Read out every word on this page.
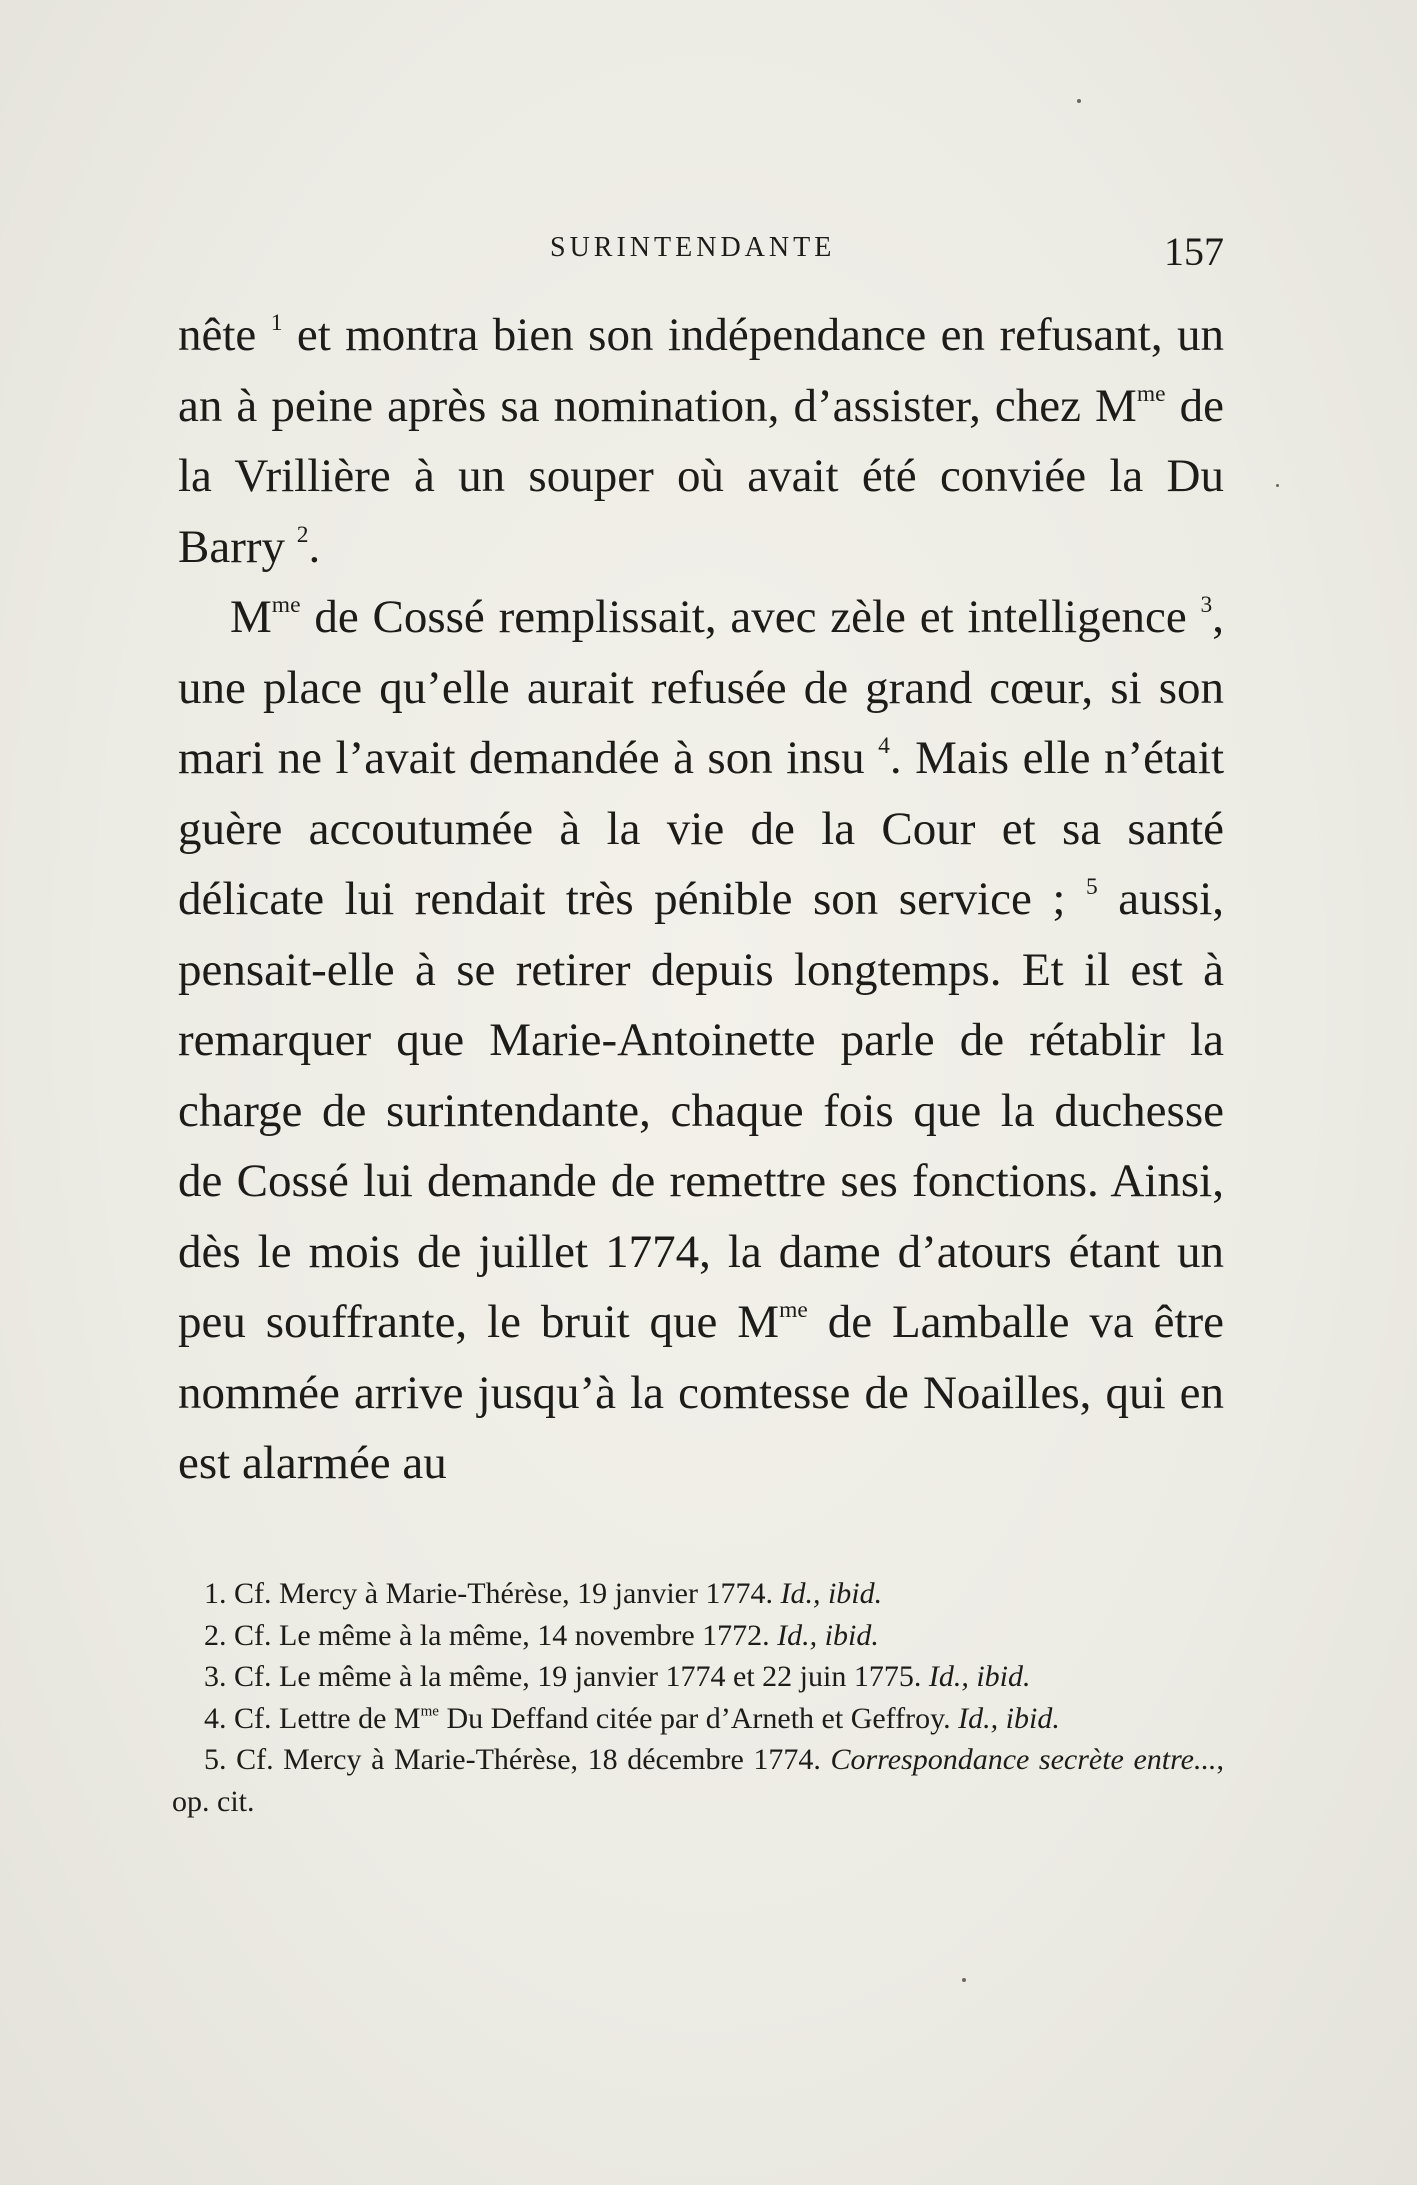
SURINTENDANTE	157

nête $^1$ et montra bien son indépendance en refusant, un an à peine après sa nomination, d’assister, chez $M^{me}$ de la Vrillière à un souper où avait été conviée la Du Barry $^2$.

$M^{me}$ de Cossé remplissait, avec zèle et intelligence $^3$, une place qu’elle aurait refusée de grand cœur, si son mari ne l’avait demandée à son insu $^4$. Mais elle n’était guère accoutumée à la vie de la Cour et sa santé délicate lui rendait très pénible son service ; $^5$ aussi, pensait-elle à se retirer depuis longtemps. Et il est à remarquer que Marie-Antoinette parle de rétablir la charge de surintendante, chaque fois que la duchesse de Cossé lui demande de remettre ses fonctions. Ainsi, dès le mois de juillet 1774, la dame d’atours étant un peu souffrante, le bruit que $M^{me}$ de Lamballe va être nommée arrive jusqu’à la comtesse de Noailles, qui en est alarmée au

1. Cf. Mercy à Marie-Thérèse, 19 janvier 1774. Id., ibid.

2. Cf. Le même à la même, 14 novembre 1772. Id., ibid.

3. Cf. Le même à la même, 19 janvier 1774 et 22 juin 1775. Id., ibid.

4. Cf. Lettre de $M^{me}$ Du Deffand citée par d’Arneth et Geffroy. Id., ibid.

5. Cf. Mercy à Marie-Thérèse, 18 décembre 1774. Correspondance secrète entre..., op. cit.
